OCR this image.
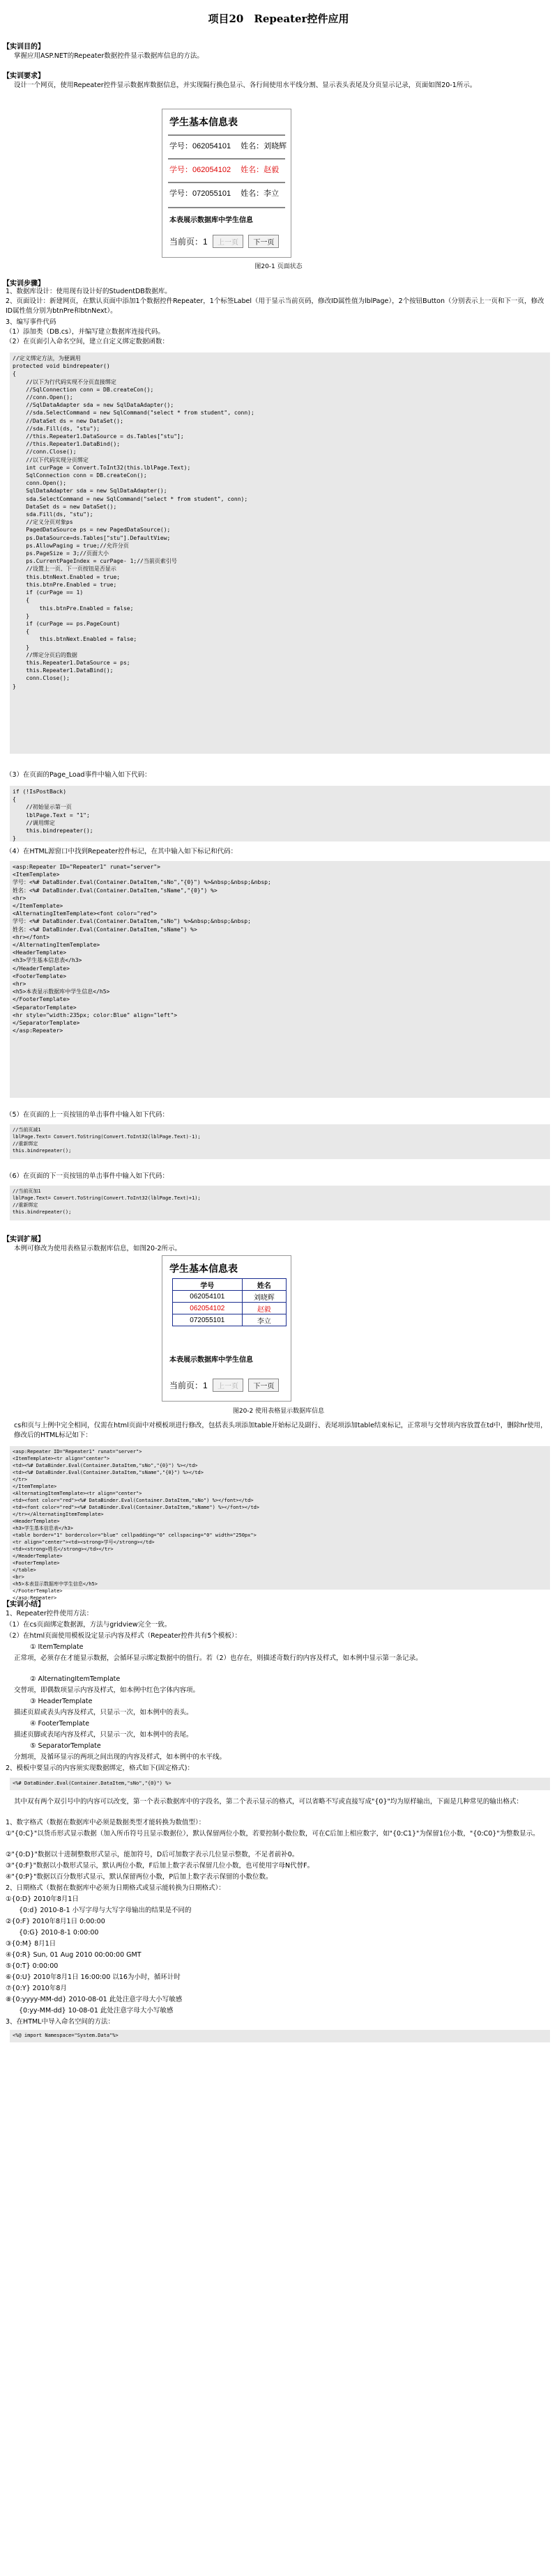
项目20　Repeater控件应用
【实训目的】
掌握应用ASP.NET的Repeater数据控件显示数据库信息的方法。
【实训要求】
设计一个网页，使用Repeater控件显示数据库数据信息，并实现隔行换色显示、各行间使用水平线分割、显示表头表尾及分页显示记录，页面如图20-1所示。
学生基本信息表
学号：062054101　 姓名：刘晓辉
学号：062054102　 姓名：赵毅
学号：072055101　 姓名：李立
本表展示数据库中学生信息
当前页：1 上一页 下一页
图20-1 页面状态
【实训步骤】
1、数据库设计：使用现有设计好的StudentDB数据库。
2、页面设计：新建网页，在默认页面中添加1个数据控件Repeater，1个标签Label（用于显示当前页码，修改ID属性值为lblPage），2个按钮Button（分别表示上一页和下一页，修改ID属性值分别为btnPre和btnNext）。
3、编写事件代码
（1）添加类（DB.cs），并编写建立数据库连接代码。
（2）在页面引入命名空间，建立自定义绑定数据函数：
//定义绑定方法，为便调用
protected void bindrepeater()
{
//以下为行代码实现不分页直接绑定
//SqlConnection conn = DB.createCon();
//conn.Open();
//SqlDataAdapter sda = new SqlDataAdapter();
//sda.SelectCommand = new SqlCommand("select * from student", conn);
//DataSet ds = new DataSet();
//sda.Fill(ds, "stu");
//this.Repeater1.DataSource = ds.Tables["stu"];
//this.Repeater1.DataBind();
//conn.Close();
//以下代码实现分页绑定
int curPage = Convert.ToInt32(this.lblPage.Text);
SqlConnection conn = DB.createCon();
conn.Open();
SqlDataAdapter sda = new SqlDataAdapter();
sda.SelectCommand = new SqlCommand("select * from student", conn);
DataSet ds = new DataSet();
sda.Fill(ds, "stu");
//定义分页对象ps
PagedDataSource ps = new PagedDataSource();
ps.DataSource=ds.Tables["stu"].DefaultView;
ps.AllowPaging = true;//允许分页
ps.PageSize = 3;//页面大小
ps.CurrentPageIndex = curPage- 1;//当前页索引号
//设置上一页、下一页按钮是否显示
this.btnNext.Enabled = true;
this.btnPre.Enabled = true;
if (curPage == 1)
{
this.btnPre.Enabled = false;
}
if (curPage == ps.PageCount)
{
this.btnNext.Enabled = false;
}
//绑定分页后的数据
this.Repeater1.DataSource = ps;
this.Repeater1.DataBind();
conn.Close();
}
（3）在页面的Page_Load事件中输入如下代码：
if (!IsPostBack)
{
//初始显示第一页
lblPage.Text = "1";
//调用绑定
this.bindrepeater();
}
（4）在HTML源窗口中找到Repeater控件标记，在其中输入如下标记和代码：
<asp:Repeater ID="Repeater1" runat="server">
<ItemTemplate>
学号：<%# DataBinder.Eval(Container.DataItem,"sNo","{0}") %>&nbsp;&nbsp;&nbsp;
姓名：<%# DataBinder.Eval(Container.DataItem,"sName","{0}") %>
<hr>
</ItemTemplate>
<AlternatingItemTemplate><font color="red">
学号：<%# DataBinder.Eval(Container.DataItem,"sNo") %>&nbsp;&nbsp;&nbsp;
姓名：<%# DataBinder.Eval(Container.DataItem,"sName") %>
<hr></font>
</AlternatingItemTemplate>
<HeaderTemplate>
<h3>学生基本信息表</h3>
</HeaderTemplate>
<FooterTemplate>
<hr>
<h5>本表显示数据库中学生信息</h5>
</FooterTemplate>
<SeparatorTemplate>
<hr style="width:235px; color:Blue" align="left">
</SeparatorTemplate>
</asp:Repeater>
（5）在页面的上一页按钮的单击事件中输入如下代码：
//当前页减1
lblPage.Text= Convert.ToString(Convert.ToInt32(lblPage.Text)-1);
//重新绑定
this.bindrepeater();
（6）在页面的下一页按钮的单击事件中输入如下代码：
//当前页加1
lblPage.Text= Convert.ToString(Convert.ToInt32(lblPage.Text)+1);
//重新绑定
this.bindrepeater();
【实训扩展】
本例可修改为使用表格显示数据库信息，如图20-2所示。
学生基本信息表
学号	姓名
062054101	刘晓辉
062054102	赵毅
072055101	李立
本表展示数据库中学生信息
当前页：1 上一页 下一页
图20-2 使用表格显示数据库信息
cs和页与上例中完全相同，仅需在html页面中对模板项进行修改，包括表头项添加table开始标记及副行、表尾项添加table结束标记，正常项与交替项内容放置在td中，删除hr使用，修改后的HTML标记如下：
<asp:Repeater ID="Repeater1" runat="server">
<ItemTemplate><tr align="center">
<td><%# DataBinder.Eval(Container.DataItem,"sNo","{0}") %></td>
<td><%# DataBinder.Eval(Container.DataItem,"sName","{0}") %></td>
</tr>
</ItemTemplate>
<AlternatingItemTemplate><tr align="center">
<td><font color="red"><%# DataBinder.Eval(Container.DataItem,"sNo") %></font></td>
<td><font color="red"><%# DataBinder.Eval(Container.DataItem,"sName") %></font></td>
</tr></AlternatingItemTemplate>
<HeaderTemplate>
<h3>学生基本信息表</h3>
<table border="1" bordercolor="blue" cellpadding="0" cellspacing="0" width="250px">
<tr align="center"><td><strong>学号</strong></td>
<td><strong>姓名</strong></td></tr>
</HeaderTemplate>
<FooterTemplate>
</table>
<br>
<h5>本表显示数据库中学生信息</h5>
</FooterTemplate>
</asp:Repeater>
【实训小结】
1、Repeater控件使用方法：
（1）在cs页面绑定数据源，方法与gridview完全一致。
（2）在html页面使用模板设定显示内容及样式（Repeater控件共有5个模板）：
　　① ItemTemplate
正常项，必须存在才能显示数据，会循环显示绑定数据中的值行。若（2）也存在，则描述奇数行的内容及样式，如本例中显示第一条记录。
　　② AlternatingItemTemplate
交替项，即偶数项显示内容及样式，如本例中红色字体内容项。
　　③ HeaderTemplate
描述页眉或表头内容及样式，只显示一次，如本例中的表头。
　　④ FooterTemplate
描述页脚或表尾内容及样式，只显示一次，如本例中的表尾。
　　⑤ SeparatorTemplate
分割项，及循环显示的两项之间出现的内容及样式，如本例中的水平线。
2、模板中要显示的内容须实现数据绑定，格式如下(固定格式)：
<%# DataBinder.Eval(Container.DataItem,"sNo","{0}") %>
其中双有两个双引号中的内容可以改变，第一个表示数据库中的字段名，第二个表示显示的格式，可以省略不写或直接写成"{0}"均为原样输出，下面是几种常见的输出格式：
1、数字格式（数据在数据库中必须是数据类型才能转换为数值型）：
①"{0:C}"以货币形式显示数据（加入所币符号且显示数据位），默认保留两位小数，若要控制小数位数，可在C后加上相应数字，如"{0:C1}"为保留1位小数，"{0:C0}"为整数显示。
②"{0:D}"数据以十进制整数形式显示，能加符号，D后可加数字表示几位显示整数，不足者前补0。
③"{0:F}"数据以小数形式显示，默认两位小数，F后加上数字表示保留几位小数，也可使用字母N代替F。
④"{0:P}"数据以百分数形式显示，默认保留两位小数，P后加上数字表示保留的小数位数。
2、日期格式（数据在数据库中必须为日期格式或显示能转换为日期格式）：
①{0:D} 2010年8月1日
　　{0:d} 2010-8-1 小写字母与大写字母输出的结果是不同的
②{0:F} 2010年8月1日 0:00:00
　　{0:G} 2010-8-1 0:00:00
③{0:M} 8月1日
④{0:R} Sun, 01 Aug 2010 00:00:00 GMT
⑤{0:T} 0:00:00
⑥{0:U} 2010年8月1日 16:00:00 以16为小时，循环计时
⑦{0:Y} 2010年8月
⑧{0:yyyy-MM-dd} 2010-08-01 此处注意字母大小写敏感
　　{0:yy-MM-dd} 10-08-01 此处注意字母大小写敏感
3、在HTML中导入命名空间的方法：
<%@ import Namespace="System.Data"%>
